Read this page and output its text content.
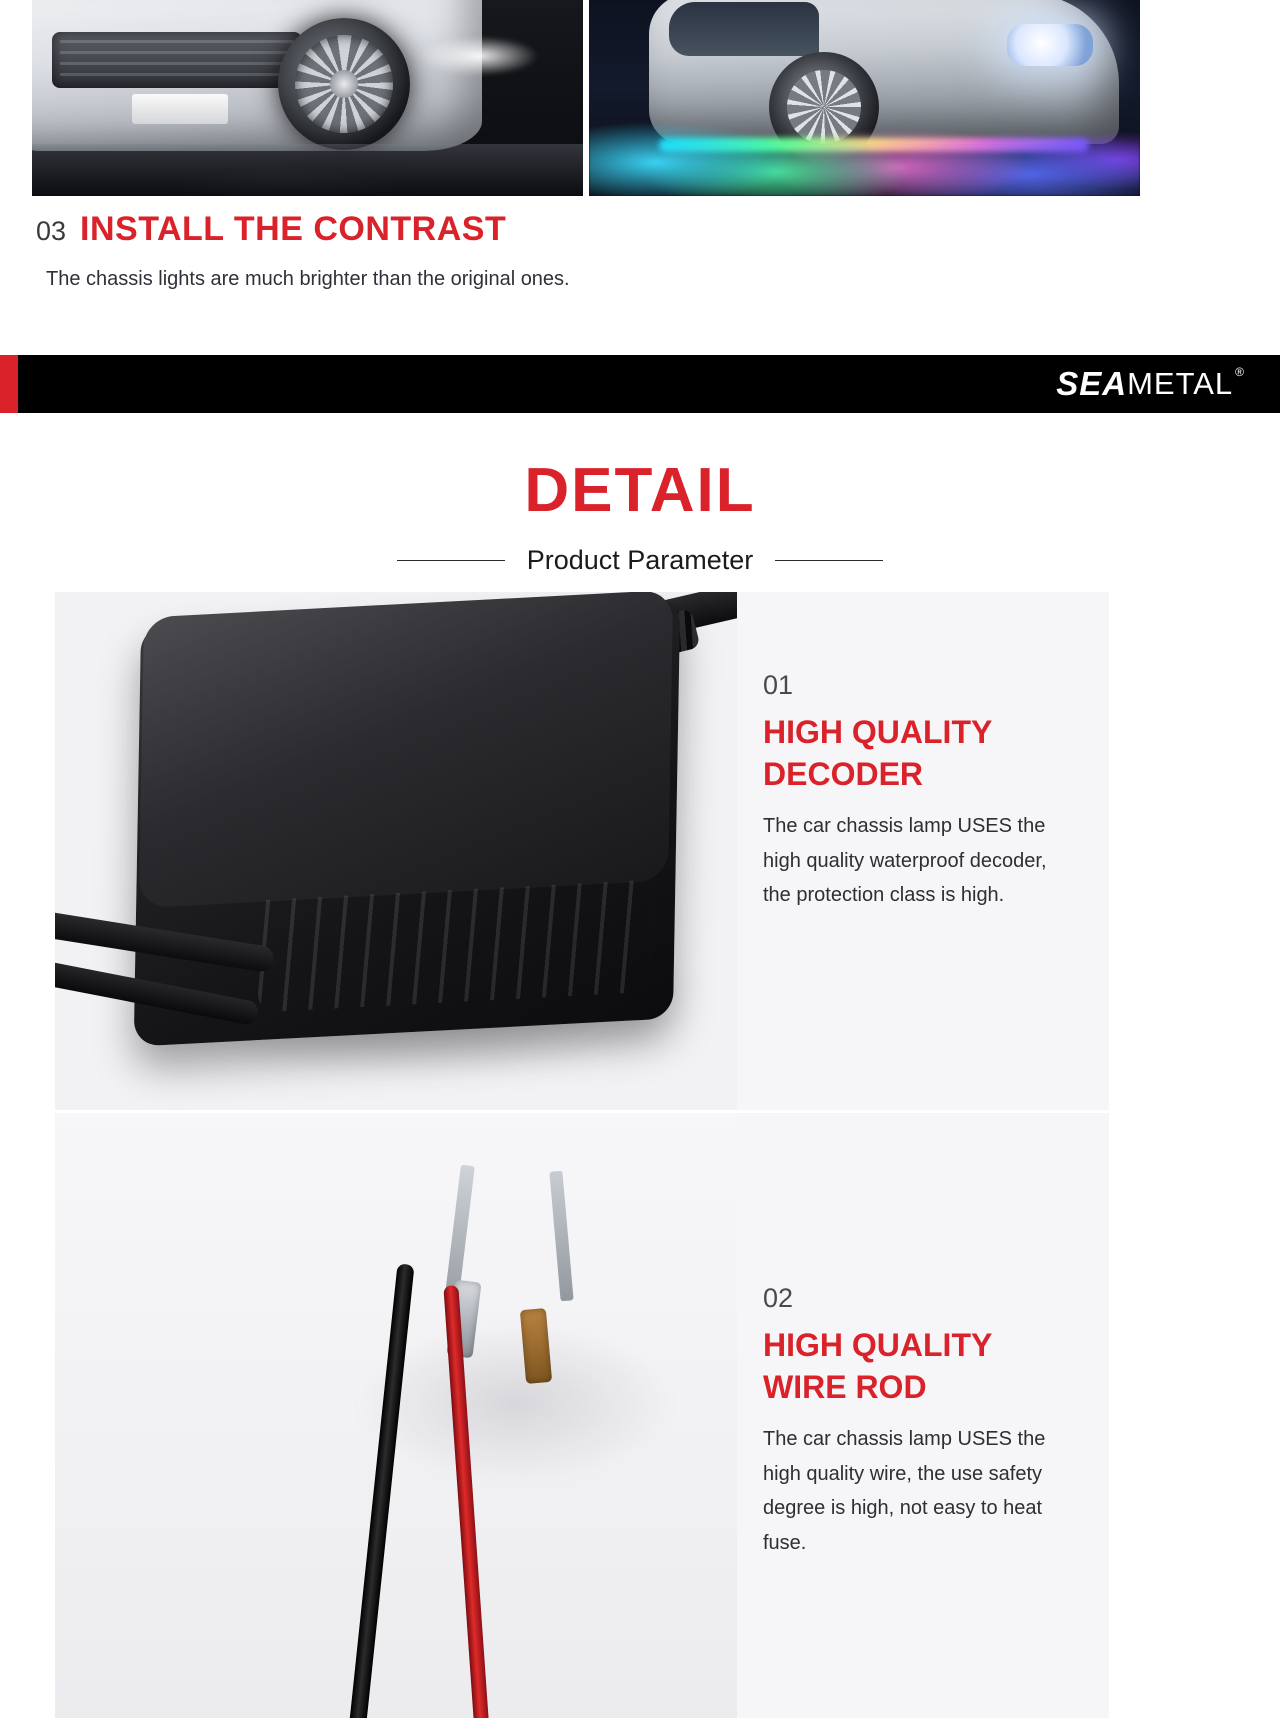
03 INSTALL THE CONTRAST
The chassis lights are much brighter than the original ones.
SEA METAL ®
DETAIL
Product Parameter
01
HIGH QUALITY DECODER
The car chassis lamp USES the high quality waterproof decoder, the protection class is high.
02
HIGH QUALITY WIRE ROD
The car chassis lamp USES the high quality wire, the use safety degree is high, not easy to heat fuse.
